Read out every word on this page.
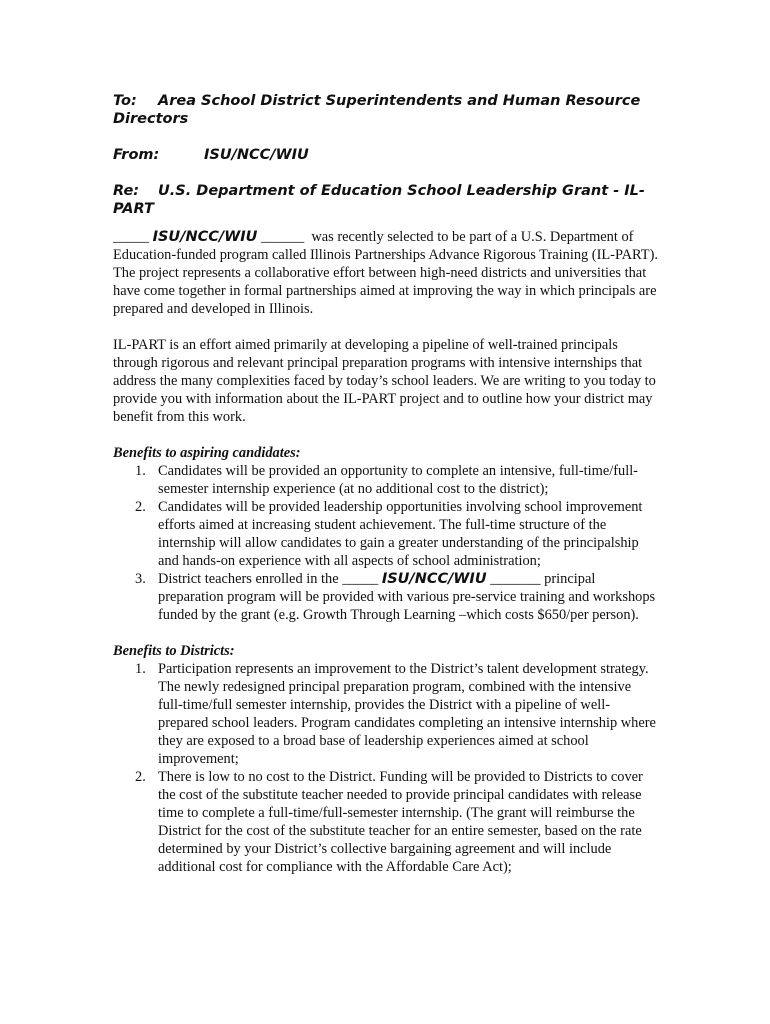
To: Area School District Superintendents and Human Resource Directors

From:	ISU/NCC/WIU

Re: U.S. Department of Education School Leadership Grant - IL-PART

_____ ISU/NCC/WIU ______ was recently selected to be part of a U.S. Department of Education-funded program called Illinois Partnerships Advance Rigorous Training (IL-PART). The project represents a collaborative effort between high-need districts and universities that have come together in formal partnerships aimed at improving the way in which principals are prepared and developed in Illinois.

IL-PART is an effort aimed primarily at developing a pipeline of well-trained principals through rigorous and relevant principal preparation programs with intensive internships that address the many complexities faced by today’s school leaders. We are writing to you today to provide you with information about the IL-PART project and to outline how your district may benefit from this work.

Benefits to aspiring candidates:

1. Candidates will be provided an opportunity to complete an intensive, full-time/full-semester internship experience (at no additional cost to the district);
2. Candidates will be provided leadership opportunities involving school improvement efforts aimed at increasing student achievement. The full-time structure of the internship will allow candidates to gain a greater understanding of the principalship and hands-on experience with all aspects of school administration;
3. District teachers enrolled in the _____ ISU/NCC/WIU _______ principal preparation program will be provided with various pre-service training and workshops funded by the grant (e.g. Growth Through Learning –which costs $650/per person).

Benefits to Districts:

1. Participation represents an improvement to the District’s talent development strategy. The newly redesigned principal preparation program, combined with the intensive full-time/full semester internship, provides the District with a pipeline of well-prepared school leaders. Program candidates completing an intensive internship where they are exposed to a broad base of leadership experiences aimed at school improvement;
2. There is low to no cost to the District. Funding will be provided to Districts to cover the cost of the substitute teacher needed to provide principal candidates with release time to complete a full-time/full-semester internship. (The grant will reimburse the District for the cost of the substitute teacher for an entire semester, based on the rate determined by your District’s collective bargaining agreement and will include additional cost for compliance with the Affordable Care Act);
